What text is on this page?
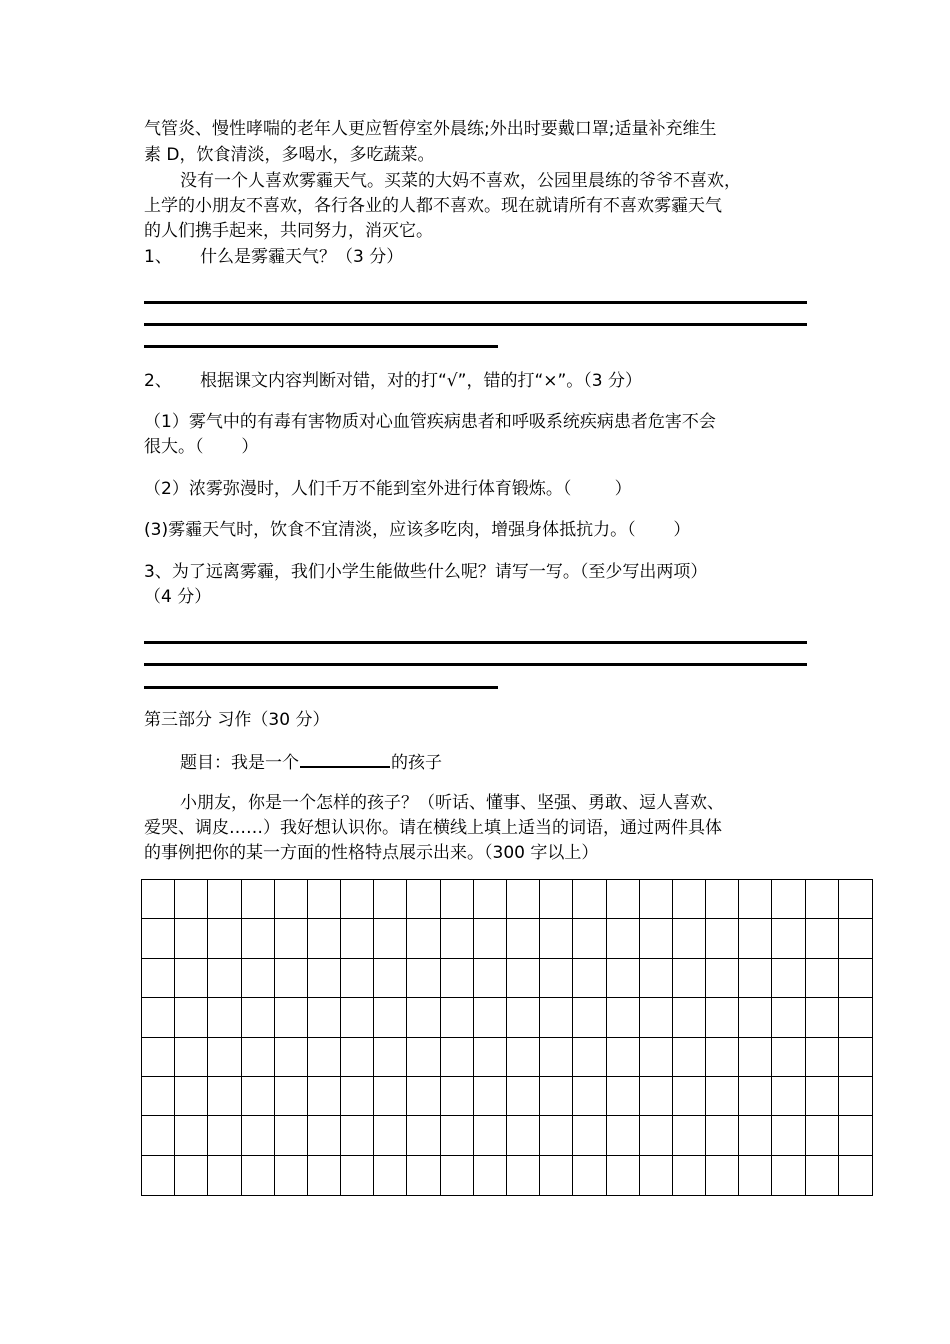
气管炎、慢性哮喘的老年人更应暂停室外晨练;外出时要戴口罩;适量补充维生
素 D，饮食清淡，多喝水，多吃蔬菜。
没有一个人喜欢雾霾天气。买菜的大妈不喜欢，公园里晨练的爷爷不喜欢，
上学的小朋友不喜欢，各行各业的人都不喜欢。现在就请所有不喜欢雾霾天气
的人们携手起来，共同努力，消灭它。
1、 什么是雾霾天气？（3 分）
2、 根据课文内容判断对错，对的打“√”，错的打“×”。（3 分）
（1）雾气中的有毒有害物质对心血管疾病患者和呼吸系统疾病患者危害不会
很大。（ ）
（2）浓雾弥漫时，人们千万不能到室外进行体育锻炼。（	）
(3)雾霾天气时，饮食不宜清淡，应该多吃肉，增强身体抵抗力。（ ）
3、为了远离雾霾，我们小学生能做些什么呢？请写一写。（至少写出两项）
（4 分）
第三部分 习作（30 分）
题目：我是一个	的孩子
小朋友，你是一个怎样的孩子？（听话、懂事、坚强、勇敢、逗人喜欢、
爱哭、调皮……）我好想认识你。请在横线上填上适当的词语，通过两件具体
的事例把你的某一方面的性格特点展示出来。（300 字以上）
